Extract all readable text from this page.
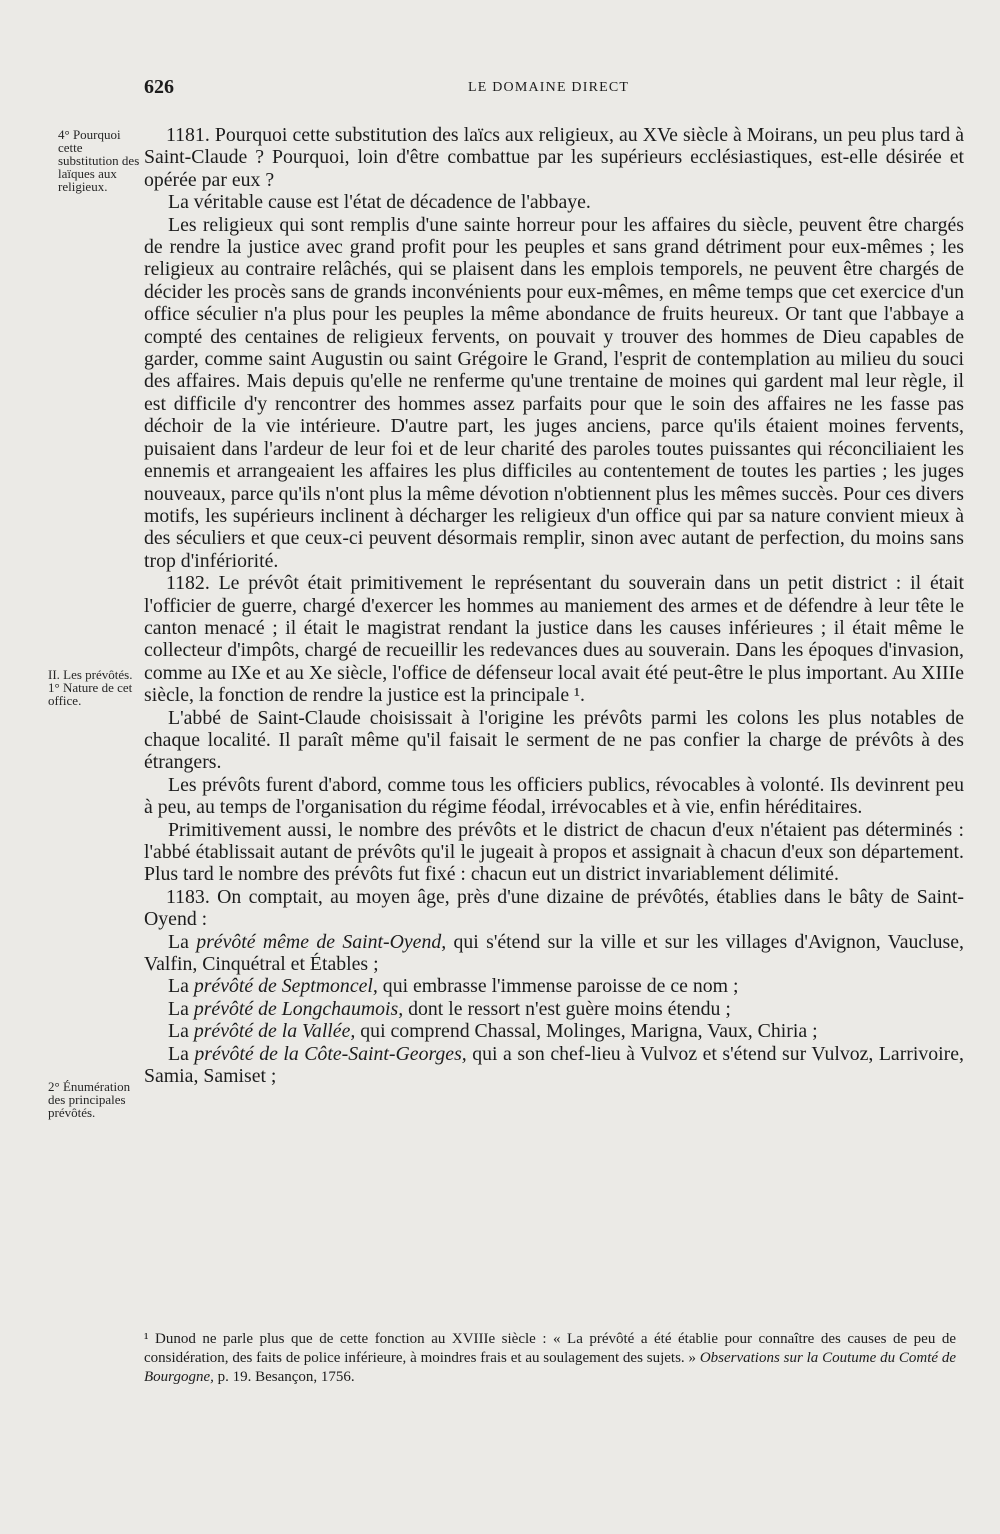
626	LE DOMAINE DIRECT
4° Pourquoi cette substitution des laïques aux religieux.
II. Les prévôtés. 1° Nature de cet office.
2° Énumération des principales prévôtés.

1181. Pourquoi cette substitution des laïcs aux religieux, au XVe siècle à Moirans, un peu plus tard à Saint-Claude ? Pourquoi, loin d'être combattue par les supérieurs ecclésiastiques, est-elle désirée et opérée par eux ?

La véritable cause est l'état de décadence de l'abbaye.

Les religieux qui sont remplis d'une sainte horreur pour les affaires du siècle, peuvent être chargés de rendre la justice avec grand profit pour les peuples et sans grand détriment pour eux-mêmes ; les religieux au contraire relâchés, qui se plaisent dans les emplois temporels, ne peuvent être chargés de décider les procès sans de grands inconvénients pour eux-mêmes, en même temps que cet exercice d'un office séculier n'a plus pour les peuples la même abondance de fruits heureux. Or tant que l'abbaye a compté des centaines de religieux fervents, on pouvait y trouver des hommes de Dieu capables de garder, comme saint Augustin ou saint Grégoire le Grand, l'esprit de contemplation au milieu du souci des affaires. Mais depuis qu'elle ne renferme qu'une trentaine de moines qui gardent mal leur règle, il est difficile d'y rencontrer des hommes assez parfaits pour que le soin des affaires ne les fasse pas déchoir de la vie intérieure. D'autre part, les juges anciens, parce qu'ils étaient moines fervents, puisaient dans l'ardeur de leur foi et de leur charité des paroles toutes puissantes qui réconciliaient les ennemis et arrangeaient les affaires les plus difficiles au contentement de toutes les parties ; les juges nouveaux, parce qu'ils n'ont plus la même dévotion n'obtiennent plus les mêmes succès. Pour ces divers motifs, les supérieurs inclinent à décharger les religieux d'un office qui par sa nature convient mieux à des séculiers et que ceux-ci peuvent désormais remplir, sinon avec autant de perfection, du moins sans trop d'infériorité.

1182. Le prévôt était primitivement le représentant du souverain dans un petit district : il était l'officier de guerre, chargé d'exercer les hommes au maniement des armes et de défendre à leur tête le canton menacé ; il était le magistrat rendant la justice dans les causes inférieures ; il était même le collecteur d'impôts, chargé de recueillir les redevances dues au souverain. Dans les époques d'invasion, comme au IXe et au Xe siècle, l'office de défenseur local avait été peut-être le plus important. Au XIIIe siècle, la fonction de rendre la justice est la principale ¹.

L'abbé de Saint-Claude choisissait à l'origine les prévôts parmi les colons les plus notables de chaque localité. Il paraît même qu'il faisait le serment de ne pas confier la charge de prévôts à des étrangers.

Les prévôts furent d'abord, comme tous les officiers publics, révocables à volonté. Ils devinrent peu à peu, au temps de l'organisation du régime féodal, irrévocables et à vie, enfin héréditaires.

Primitivement aussi, le nombre des prévôts et le district de chacun d'eux n'étaient pas déterminés : l'abbé établissait autant de prévôts qu'il le jugeait à propos et assignait à chacun d'eux son département. Plus tard le nombre des prévôts fut fixé : chacun eut un district invariablement délimité.

1183. On comptait, au moyen âge, près d'une dizaine de prévôtés, établies dans le bâty de Saint-Oyend :

La prévôté même de Saint-Oyend, qui s'étend sur la ville et sur les villages d'Avignon, Vaucluse, Valfin, Cinquétral et Étables ;

La prévôté de Septmoncel, qui embrasse l'immense paroisse de ce nom ;

La prévôté de Longchaumois, dont le ressort n'est guère moins étendu ;

La prévôté de la Vallée, qui comprend Chassal, Molinges, Marigna, Vaux, Chiria ;

La prévôté de la Côte-Saint-Georges, qui a son chef-lieu à Vulvoz et s'étend sur Vulvoz, Larrivoire, Samia, Samiset ;

¹ Dunod ne parle plus que de cette fonction au XVIIIe siècle : « La prévôté a été établie pour connaître des causes de peu de considération, des faits de police inférieure, à moindres frais et au soulagement des sujets. » Observations sur la Coutume du Comté de Bourgogne, p. 19. Besançon, 1756.
